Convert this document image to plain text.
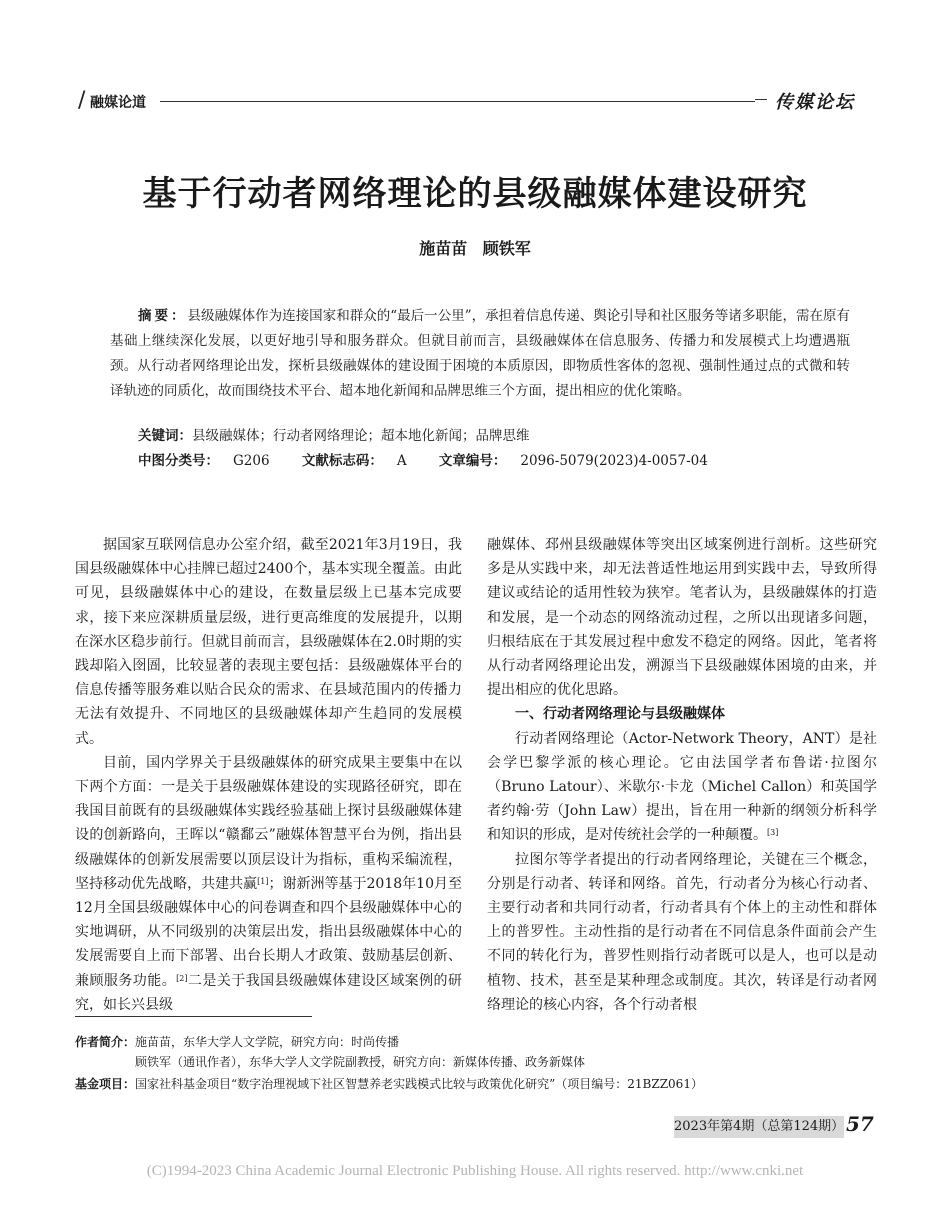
/ 融媒论道	传媒论坛
基于行动者网络理论的县级融媒体建设研究
施苗苗 顾铁军
摘要：县级融媒体作为连接国家和群众的“最后一公里”，承担着信息传递、舆论引导和社区服务等诸多职能，需在原有基础上继续深化发展，以更好地引导和服务群众。但就目前而言，县级融媒体在信息服务、传播力和发展模式上均遭遇瓶颈。从行动者网络理论出发，探析县级融媒体的建设囿于困境的本质原因，即物质性客体的忽视、强制性通过点的式微和转译轨迹的同质化，故而围绕技术平台、超本地化新闻和品牌思维三个方面，提出相应的优化策略。
关键词：县级融媒体；行动者网络理论；超本地化新闻；品牌思维
中图分类号： G206 文献标志码： A 文章编号： 2096-5079(2023)4-0057-04

据国家互联网信息办公室介绍，截至2021年3月19日，我国县级融媒体中心挂牌已超过2400个，基本实现全覆盖。由此可见，县级融媒体中心的建设，在数量层级上已基本完成要求，接下来应深耕质量层级，进行更高维度的发展提升，以期在深水区稳步前行。但就目前而言，县级融媒体在2.0时期的实践却陷入囹圄，比较显著的表现主要包括：县级融媒体平台的信息传播等服务难以贴合民众的需求、在县域范围内的传播力无法有效提升、不同地区的县级融媒体却产生趋同的发展模式。

目前，国内学界关于县级融媒体的研究成果主要集中在以下两个方面：一是关于县级融媒体建设的实现路径研究，即在我国目前既有的县级融媒体实践经验基础上探讨县级融媒体建设的创新路向，王晖以“赣鄱云”融媒体智慧平台为例，指出县级融媒体的创新发展需要以顶层设计为指标，重构采编流程，坚持移动优先战略，共建共赢[1]；谢新洲等基于2018年10月至12月全国县级融媒体中心的问卷调查和四个县级融媒体中心的实地调研，从不同级别的决策层出发，指出县级融媒体中心的发展需要自上而下部署、出台长期人才政策、鼓励基层创新、兼顾服务功能。[2]二是关于我国县级融媒体建设区域案例的研究，如长兴县级

融媒体、邳州县级融媒体等突出区域案例进行剖析。这些研究多是从实践中来，却无法普适性地运用到实践中去，导致所得建议或结论的适用性较为狭窄。笔者认为，县级融媒体的打造和发展，是一个动态的网络流动过程，之所以出现诸多问题，归根结底在于其发展过程中愈发不稳定的网络。因此，笔者将从行动者网络理论出发，溯源当下县级融媒体困境的由来，并提出相应的优化思路。

一、行动者网络理论与县级融媒体

行动者网络理论（Actor-Network Theory，ANT）是社会学巴黎学派的核心理论。它由法国学者布鲁诺·拉图尔（Bruno Latour）、米歇尔·卡龙（Michel Callon）和英国学者约翰·劳（John Law）提出，旨在用一种新的纲领分析科学和知识的形成，是对传统社会学的一种颠覆。[3]

拉图尔等学者提出的行动者网络理论，关键在三个概念，分别是行动者、转译和网络。首先，行动者分为核心行动者、主要行动者和共同行动者，行动者具有个体上的主动性和群体上的普罗性。主动性指的是行动者在不同信息条件面前会产生不同的转化行为，普罗性则指行动者既可以是人，也可以是动植物、技术，甚至是某种理念或制度。其次，转译是行动者网络理论的核心内容，各个行动者根

作者简介：施苗苗，东华大学人文学院，研究方向：时尚传播
顾铁军（通讯作者），东华大学人文学院副教授，研究方向：新媒体传播、政务新媒体
基金项目：国家社科基金项目“数字治理视域下社区智慧养老实践模式比较与政策优化研究”（项目编号：21BZZ061）
2023年第4期（总第124期） 57
(C)1994-2023 China Academic Journal Electronic Publishing House. All rights reserved. http://www.cnki.net
